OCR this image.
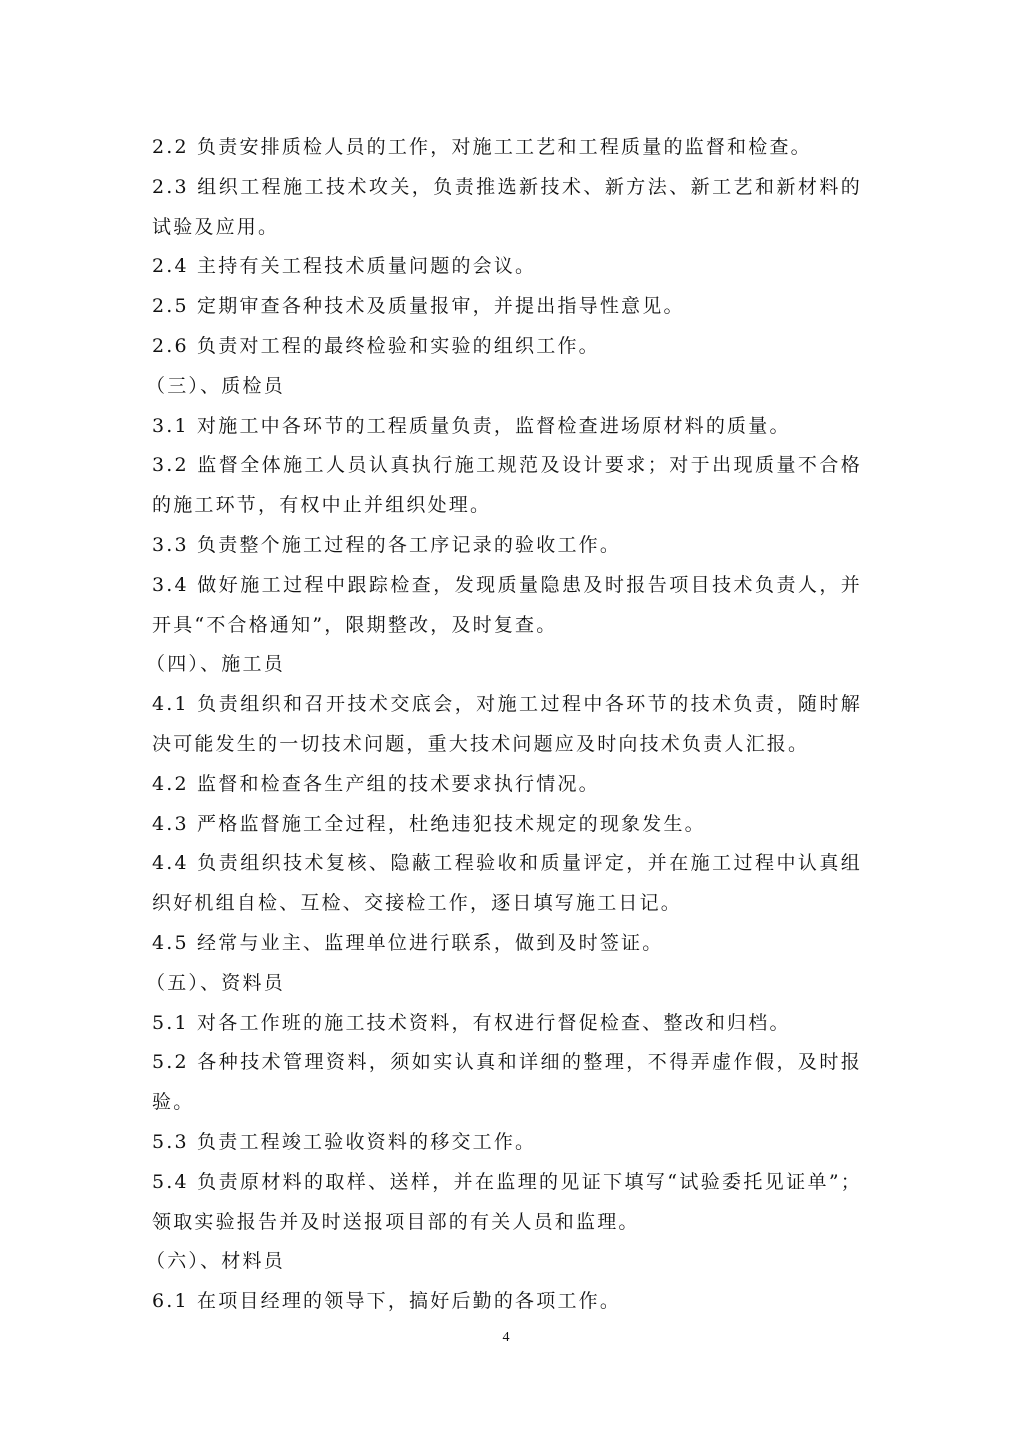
2.2 负责安排质检人员的工作，对施工工艺和工程质量的监督和检查。

2.3 组织工程施工技术攻关，负责推选新技术、新方法、新工艺和新材料的试验及应用。

2.4 主持有关工程技术质量问题的会议。

2.5 定期审查各种技术及质量报审，并提出指导性意见。

2.6 负责对工程的最终检验和实验的组织工作。

（三）、质检员

3.1 对施工中各环节的工程质量负责，监督检查进场原材料的质量。

3.2 监督全体施工人员认真执行施工规范及设计要求；对于出现质量不合格的施工环节，有权中止并组织处理。

3.3 负责整个施工过程的各工序记录的验收工作。

3.4 做好施工过程中跟踪检查，发现质量隐患及时报告项目技术负责人，并开具“不合格通知”，限期整改，及时复查。

（四）、施工员

4.1 负责组织和召开技术交底会，对施工过程中各环节的技术负责，随时解决可能发生的一切技术问题，重大技术问题应及时向技术负责人汇报。

4.2 监督和检查各生产组的技术要求执行情况。

4.3 严格监督施工全过程，杜绝违犯技术规定的现象发生。

4.4 负责组织技术复核、隐蔽工程验收和质量评定，并在施工过程中认真组织好机组自检、互检、交接检工作，逐日填写施工日记。

4.5 经常与业主、监理单位进行联系，做到及时签证。

（五）、资料员

5.1 对各工作班的施工技术资料，有权进行督促检查、整改和归档。

5.2 各种技术管理资料，须如实认真和详细的整理，不得弄虚作假，及时报验。

5.3 负责工程竣工验收资料的移交工作。

5.4 负责原材料的取样、送样，并在监理的见证下填写“试验委托见证单”；领取实验报告并及时送报项目部的有关人员和监理。

（六）、材料员

6.1 在项目经理的领导下，搞好后勤的各项工作。

4
